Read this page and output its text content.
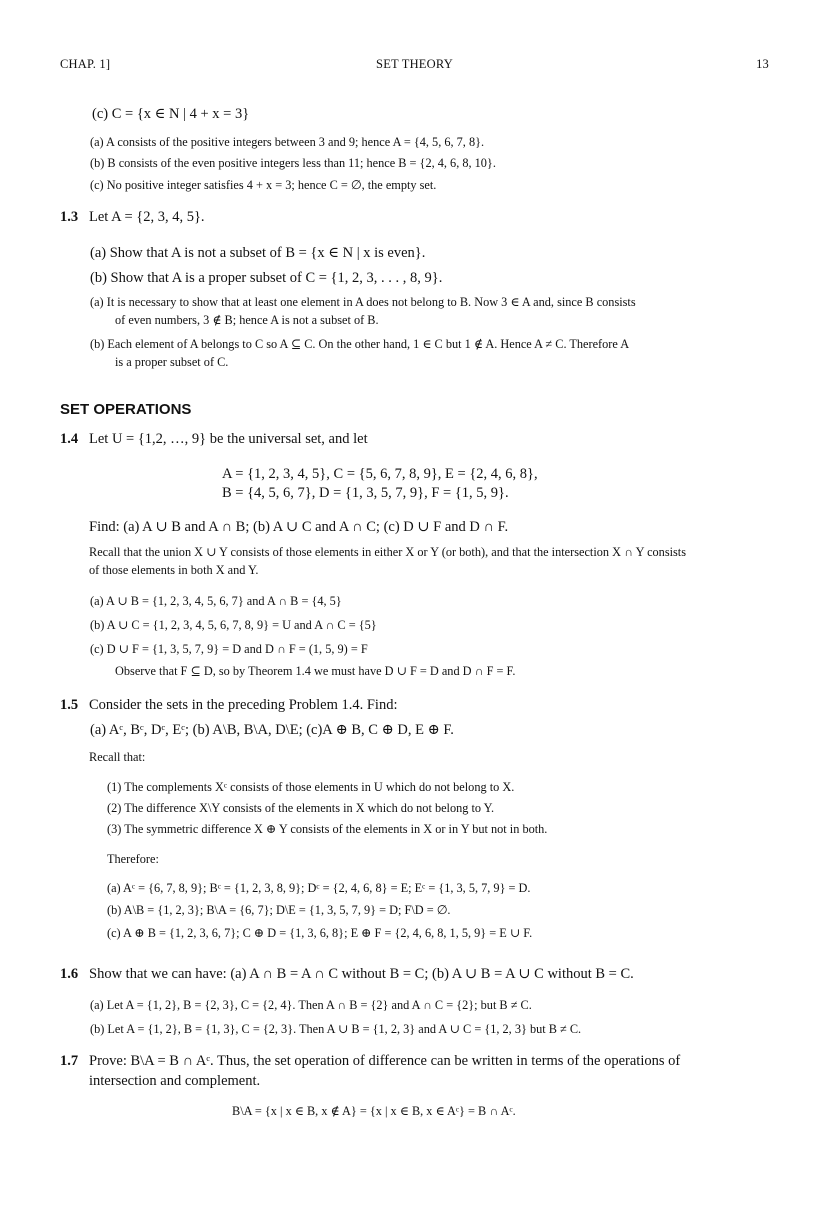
CHAP. 1]	SET THEORY	13
(c) C = {x ∈ N | 4 + x = 3}
(a) A consists of the positive integers between 3 and 9; hence A = {4, 5, 6, 7, 8}.
(b) B consists of the even positive integers less than 11; hence B = {2, 4, 6, 8, 10}.
(c) No positive integer satisfies 4 + x = 3; hence C = ∅, the empty set.
1.3 Let A = {2, 3, 4, 5}.
(a) Show that A is not a subset of B = {x ∈ N | x is even}.
(b) Show that A is a proper subset of C = {1, 2, 3, . . . , 8, 9}.
(a) It is necessary to show that at least one element in A does not belong to B. Now 3 ∈ A and, since B consists
of even numbers, 3 ∉ B; hence A is not a subset of B.
(b) Each element of A belongs to C so A ⊆ C. On the other hand, 1 ∈ C but 1 ∉ A. Hence A ≠ C. Therefore A
is a proper subset of C.
SET OPERATIONS
1.4 Let U = {1,2, …, 9} be the universal set, and let
A = {1, 2, 3, 4, 5}, C = {5, 6, 7, 8, 9}, E = {2, 4, 6, 8},
B = {4, 5, 6, 7}, D = {1, 3, 5, 7, 9}, F = {1, 5, 9}.
Find: (a) A ∪ B and A ∩ B; (b) A ∪ C and A ∩ C; (c) D ∪ F and D ∩ F.
Recall that the union X ∪ Y consists of those elements in either X or Y (or both), and that the intersection X ∩ Y consists
of those elements in both X and Y.
(a) A ∪ B = {1, 2, 3, 4, 5, 6, 7} and A ∩ B = {4, 5}
(b) A ∪ C = {1, 2, 3, 4, 5, 6, 7, 8, 9} = U and A ∩ C = {5}
(c) D ∪ F = {1, 3, 5, 7, 9} = D and D ∩ F = (1, 5, 9) = F
Observe that F ⊆ D, so by Theorem 1.4 we must have D ∪ F = D and D ∩ F = F.
1.5 Consider the sets in the preceding Problem 1.4. Find:
(a) Aᶜ, Bᶜ, Dᶜ, Eᶜ; (b) A\B, B\A, D\E; (c)A ⊕ B, C ⊕ D, E ⊕ F.
Recall that:
(1) The complements Xᶜ consists of those elements in U which do not belong to X.
(2) The difference X\Y consists of the elements in X which do not belong to Y.
(3) The symmetric difference X ⊕ Y consists of the elements in X or in Y but not in both.
Therefore:
(a) Aᶜ = {6, 7, 8, 9}; Bᶜ = {1, 2, 3, 8, 9}; Dᶜ = {2, 4, 6, 8} = E; Eᶜ = {1, 3, 5, 7, 9} = D.
(b) A\B = {1, 2, 3}; B\A = {6, 7}; D\E = {1, 3, 5, 7, 9} = D; F\D = ∅.
(c) A ⊕ B = {1, 2, 3, 6, 7}; C ⊕ D = {1, 3, 6, 8}; E ⊕ F = {2, 4, 6, 8, 1, 5, 9} = E ∪ F.
1.6 Show that we can have: (a) A ∩ B = A ∩ C without B = C; (b) A ∪ B = A ∪ C without B = C.
(a) Let A = {1, 2}, B = {2, 3}, C = {2, 4}. Then A ∩ B = {2} and A ∩ C = {2}; but B ≠ C.
(b) Let A = {1, 2}, B = {1, 3}, C = {2, 3}. Then A ∪ B = {1, 2, 3} and A ∪ C = {1, 2, 3} but B ≠ C.
1.7 Prove: B\A = B ∩ Aᶜ. Thus, the set operation of difference can be written in terms of the operations of
intersection and complement.
B\A = {x | x ∈ B, x ∉ A} = {x | x ∈ B, x ∈ Aᶜ} = B ∩ Aᶜ.
